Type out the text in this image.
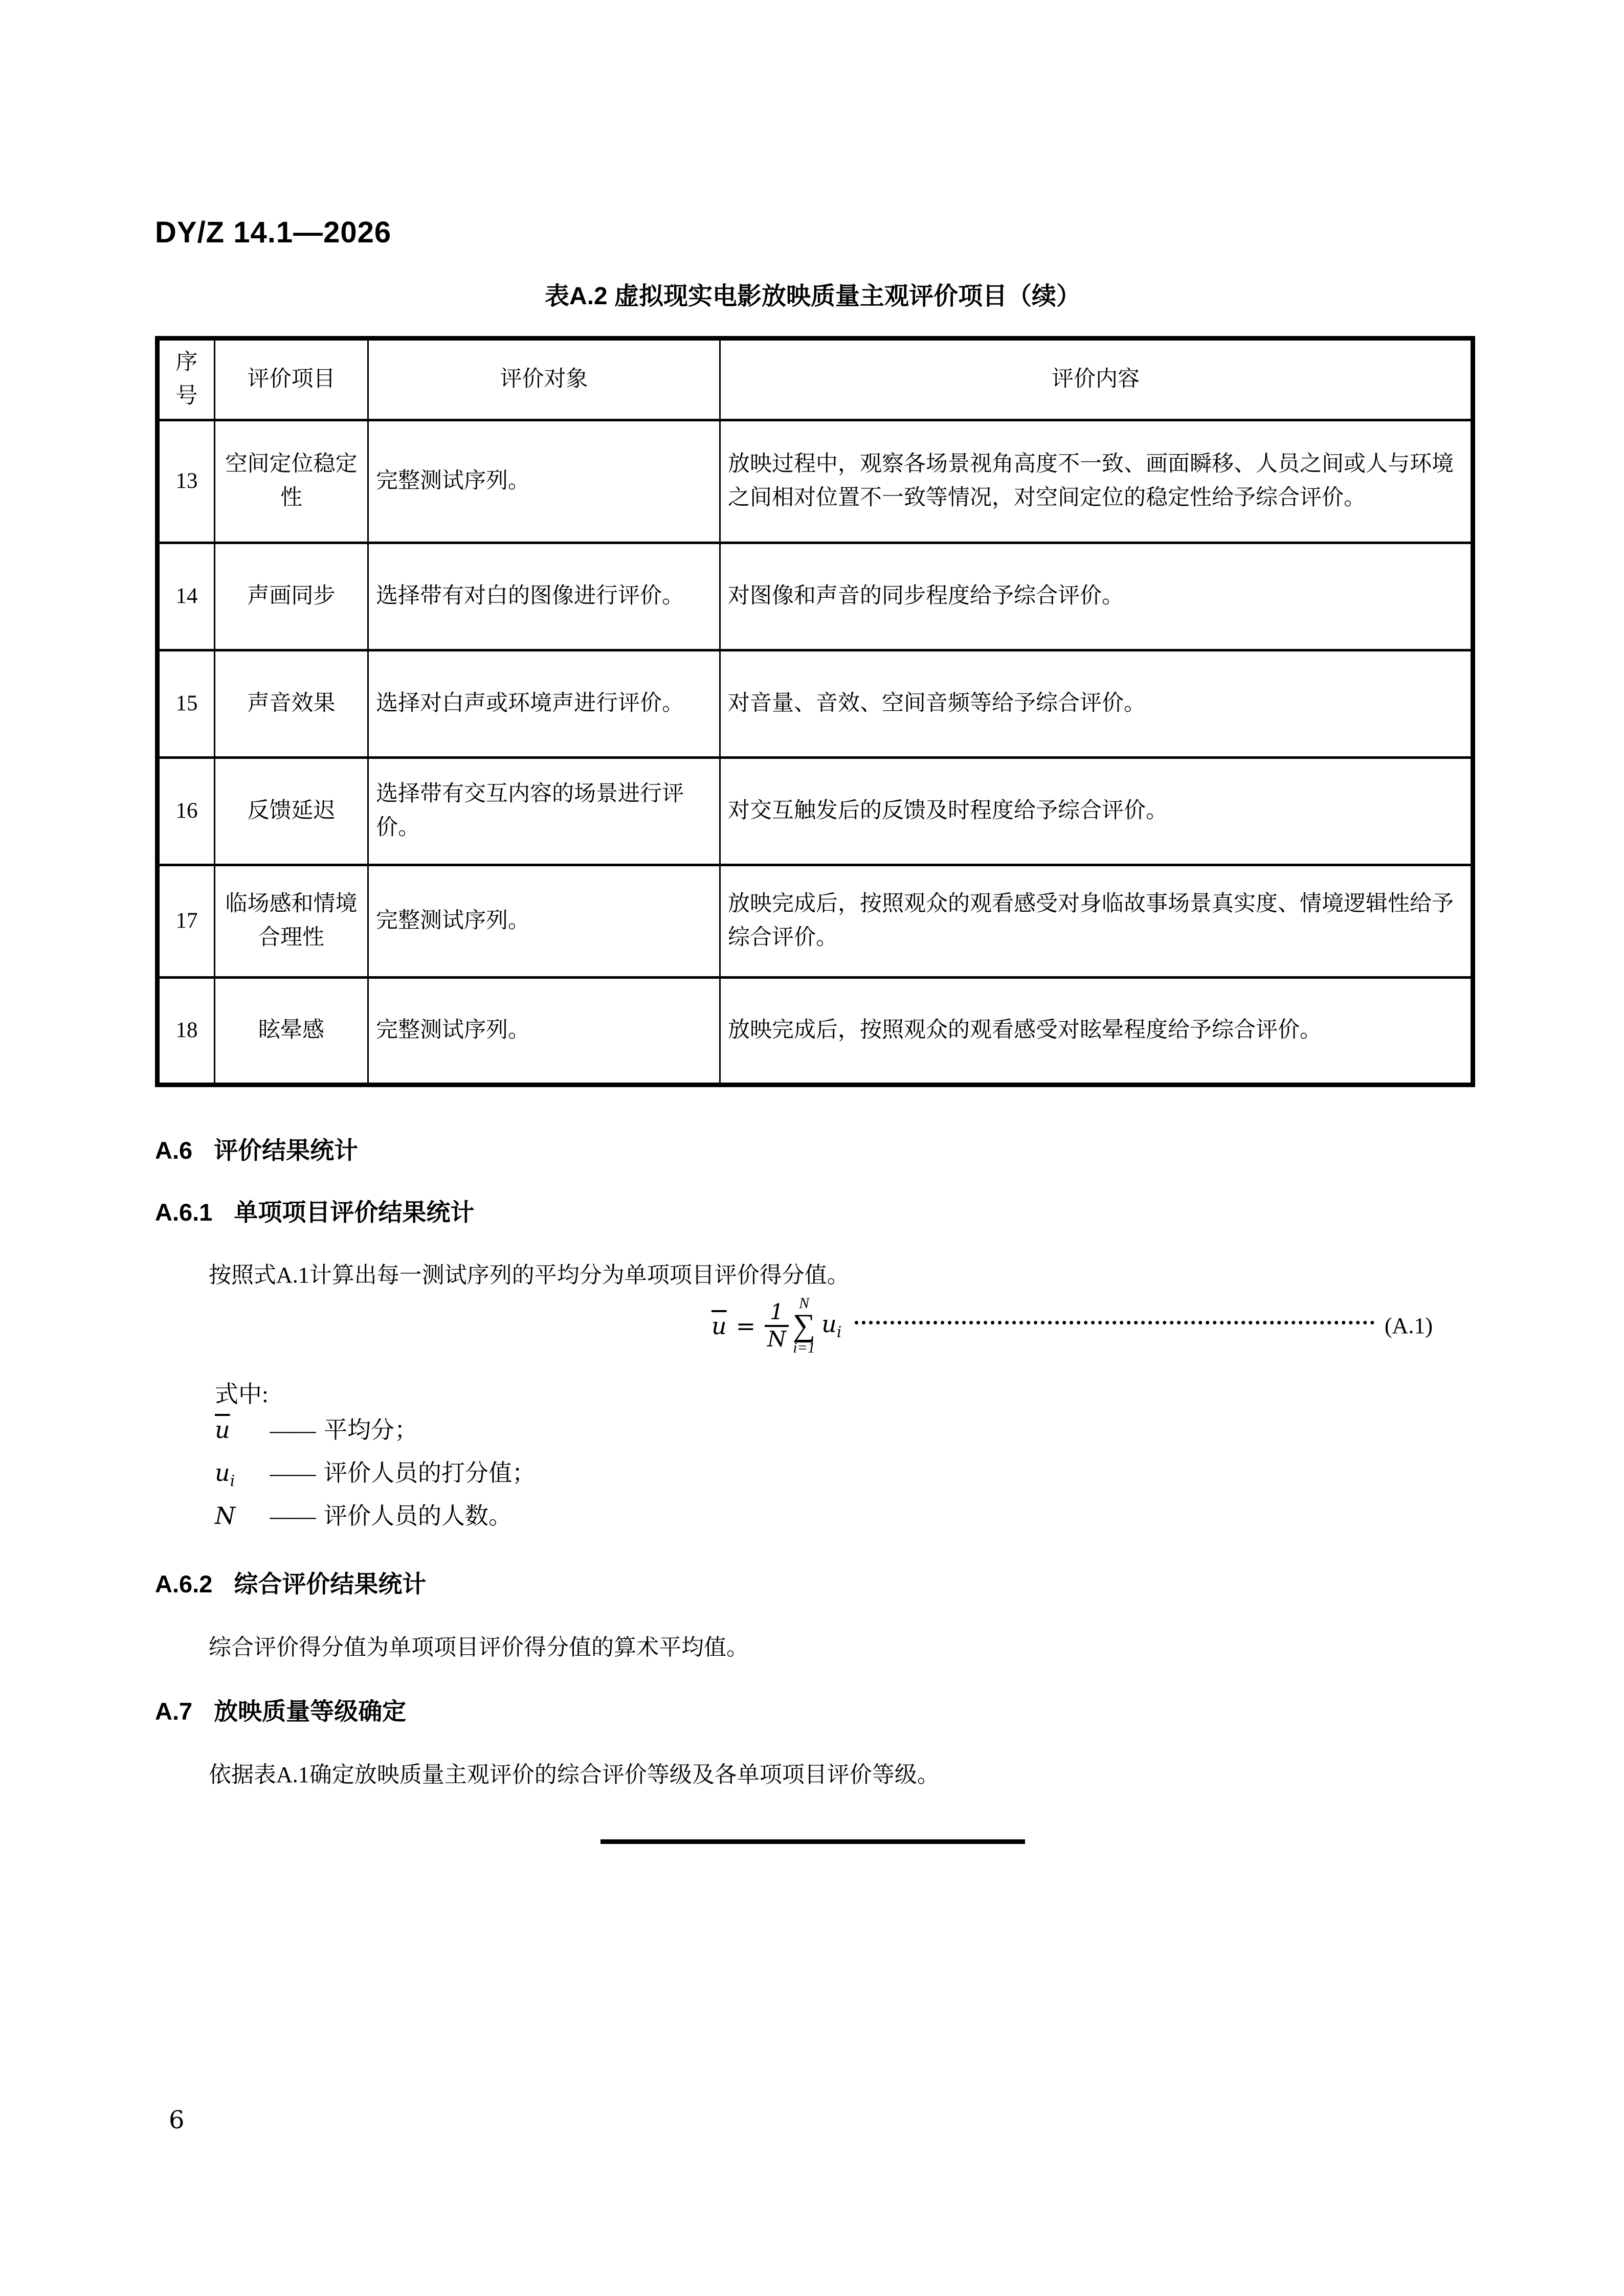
DY/Z 14.1—2026
表A.2 虚拟现实电影放映质量主观评价项目（续）
序号	评价项目	评价对象	评价内容
13	空间定位稳定性	完整测试序列。	放映过程中，观察各场景视角高度不一致、画面瞬移、人员之间或人与环境之间相对位置不一致等情况，对空间定位的稳定性给予综合评价。
14	声画同步	选择带有对白的图像进行评价。	对图像和声音的同步程度给予综合评价。
15	声音效果	选择对白声或环境声进行评价。	对音量、音效、空间音频等给予综合评价。
16	反馈延迟	选择带有交互内容的场景进行评价。	对交互触发后的反馈及时程度给予综合评价。
17	临场感和情境合理性	完整测试序列。	放映完成后，按照观众的观看感受对身临故事场景真实度、情境逻辑性给予综合评价。
18	眩晕感	完整测试序列。	放映完成后，按照观众的观看感受对眩晕程度给予综合评价。
A.6 评价结果统计
A.6.1 单项项目评价结果统计
按照式A.1计算出每一测试序列的平均分为单项项目评价得分值。
$\overline{u} = \frac{1}{N}$ N
∑
i=1
$u_i$	(A.1)
式中:
u —— 平均分；
$u_i$ —— 评价人员的打分值；
N —— 评价人员的人数。
A.6.2 综合评价结果统计
综合评价得分值为单项项目评价得分值的算术平均值。
A.7 放映质量等级确定
依据表A.1确定放映质量主观评价的综合评价等级及各单项项目评价等级。
6
